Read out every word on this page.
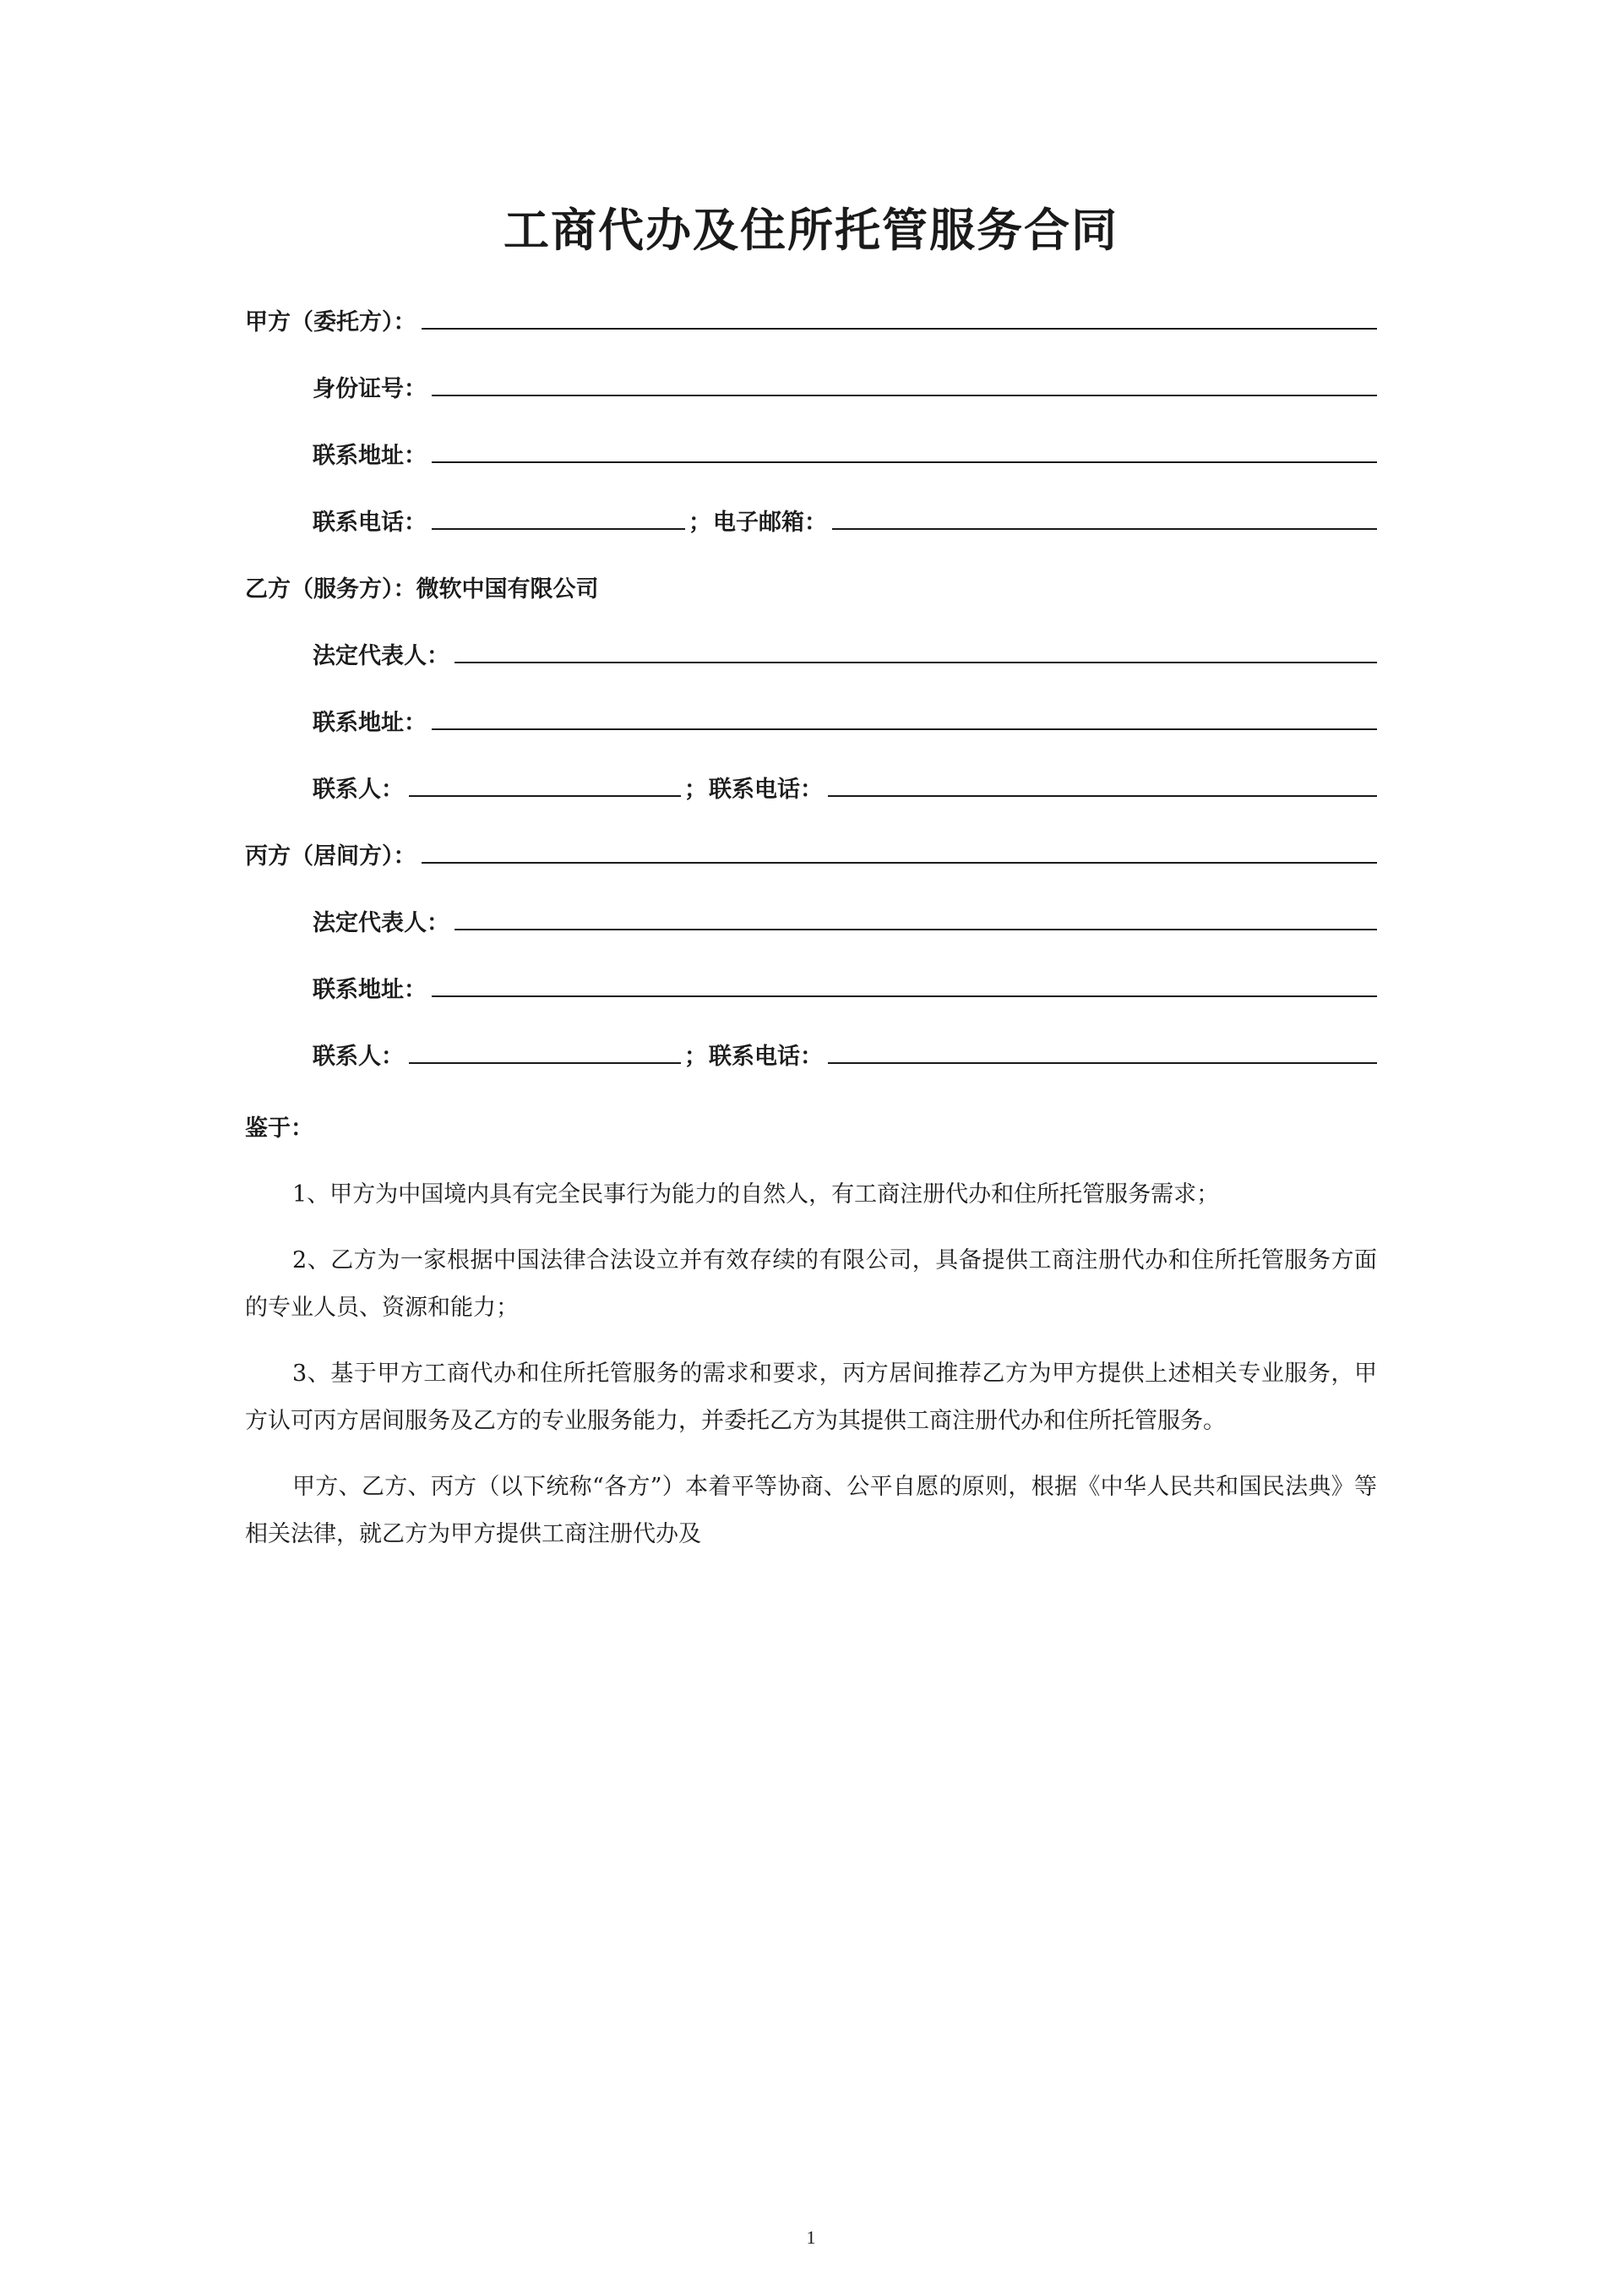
工商代办及住所托管服务合同
甲方（委托方）：
身份证号：
联系地址：
联系电话：	； 电子邮箱：
乙方（服务方）： 微软中国有限公司
法定代表人：
联系地址：
联系人：	； 联系电话：
丙方（居间方）：
法定代表人：
联系地址：
联系人：	； 联系电话：
鉴于：

1、甲方为中国境内具有完全民事行为能力的自然人，有工商注册代办和住所托管服务需求；

2、乙方为一家根据中国法律合法设立并有效存续的有限公司，具备提供工商注册代办和住所托管服务方面的专业人员、资源和能力；

3、基于甲方工商代办和住所托管服务的需求和要求，丙方居间推荐乙方为甲方提供上述相关专业服务，甲方认可丙方居间服务及乙方的专业服务能力，并委托乙方为其提供工商注册代办和住所托管服务。

甲方、乙方、丙方（以下统称“各方”）本着平等协商、公平自愿的原则，根据《中华人民共和国民法典》等相关法律，就乙方为甲方提供工商注册代办及

1
